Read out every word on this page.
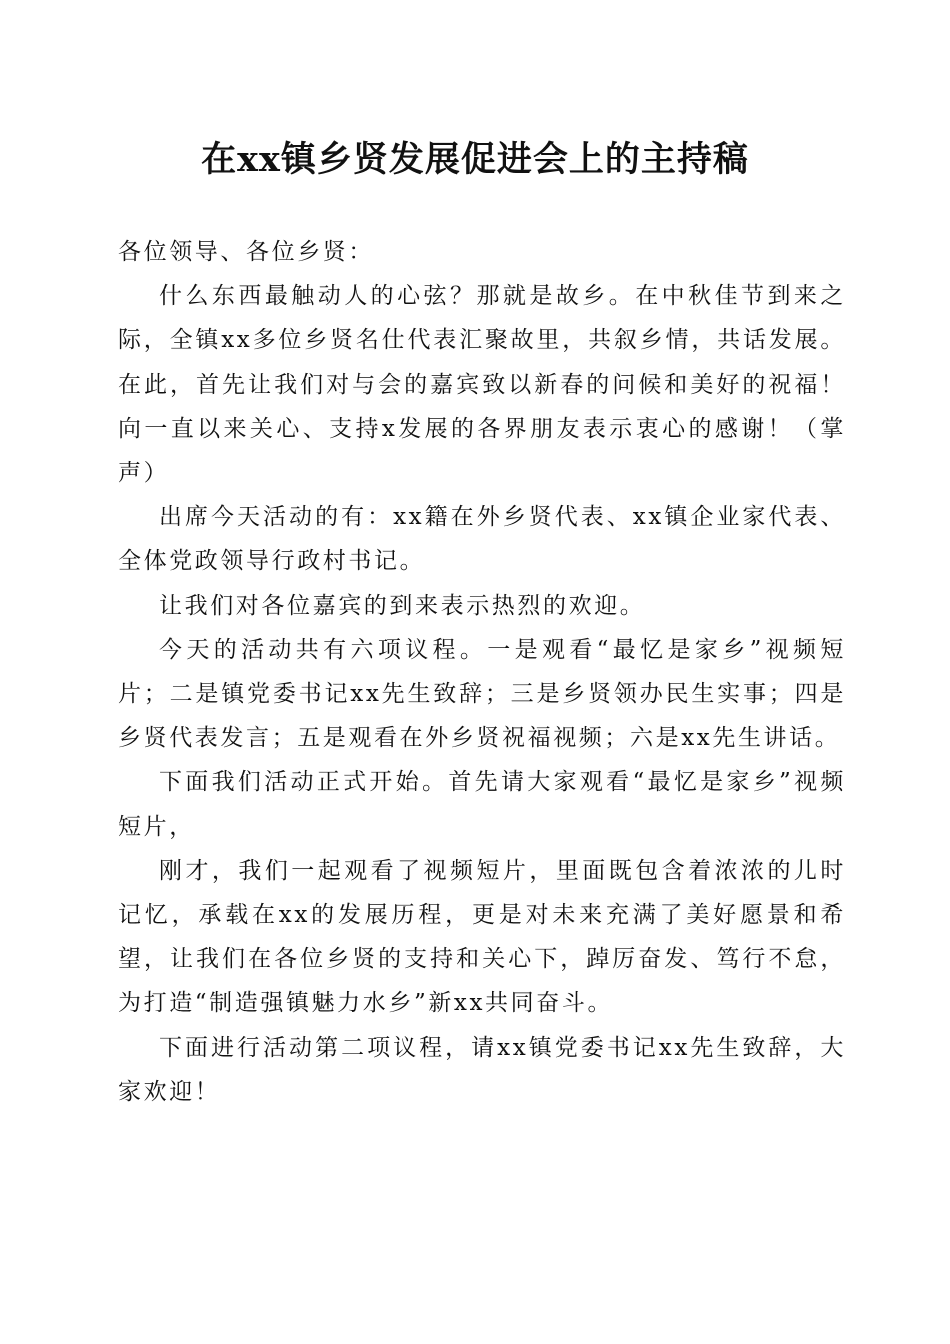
在xx镇乡贤发展促进会上的主持稿

各位领导、各位乡贤：

什么东西最触动人的心弦？那就是故乡。在中秋佳节到来之际，全镇xx多位乡贤名仕代表汇聚故里，共叙乡情，共话发展。在此，首先让我们对与会的嘉宾致以新春的问候和美好的祝福！向一直以来关心、支持x发展的各界朋友表示衷心的感谢！（掌声）

出席今天活动的有：xx籍在外乡贤代表、xx镇企业家代表、全体党政领导行政村书记。

让我们对各位嘉宾的到来表示热烈的欢迎。

今天的活动共有六项议程。一是观看“最忆是家乡”视频短片；二是镇党委书记xx先生致辞；三是乡贤领办民生实事；四是乡贤代表发言；五是观看在外乡贤祝福视频；六是xx先生讲话。

下面我们活动正式开始。首先请大家观看“最忆是家乡”视频短片，

刚才，我们一起观看了视频短片，里面既包含着浓浓的儿时记忆，承载在xx的发展历程，更是对未来充满了美好愿景和希望，让我们在各位乡贤的支持和关心下，踔厉奋发、笃行不怠，为打造“制造强镇魅力水乡”新xx共同奋斗。

下面进行活动第二项议程，请xx镇党委书记xx先生致辞，大家欢迎！
